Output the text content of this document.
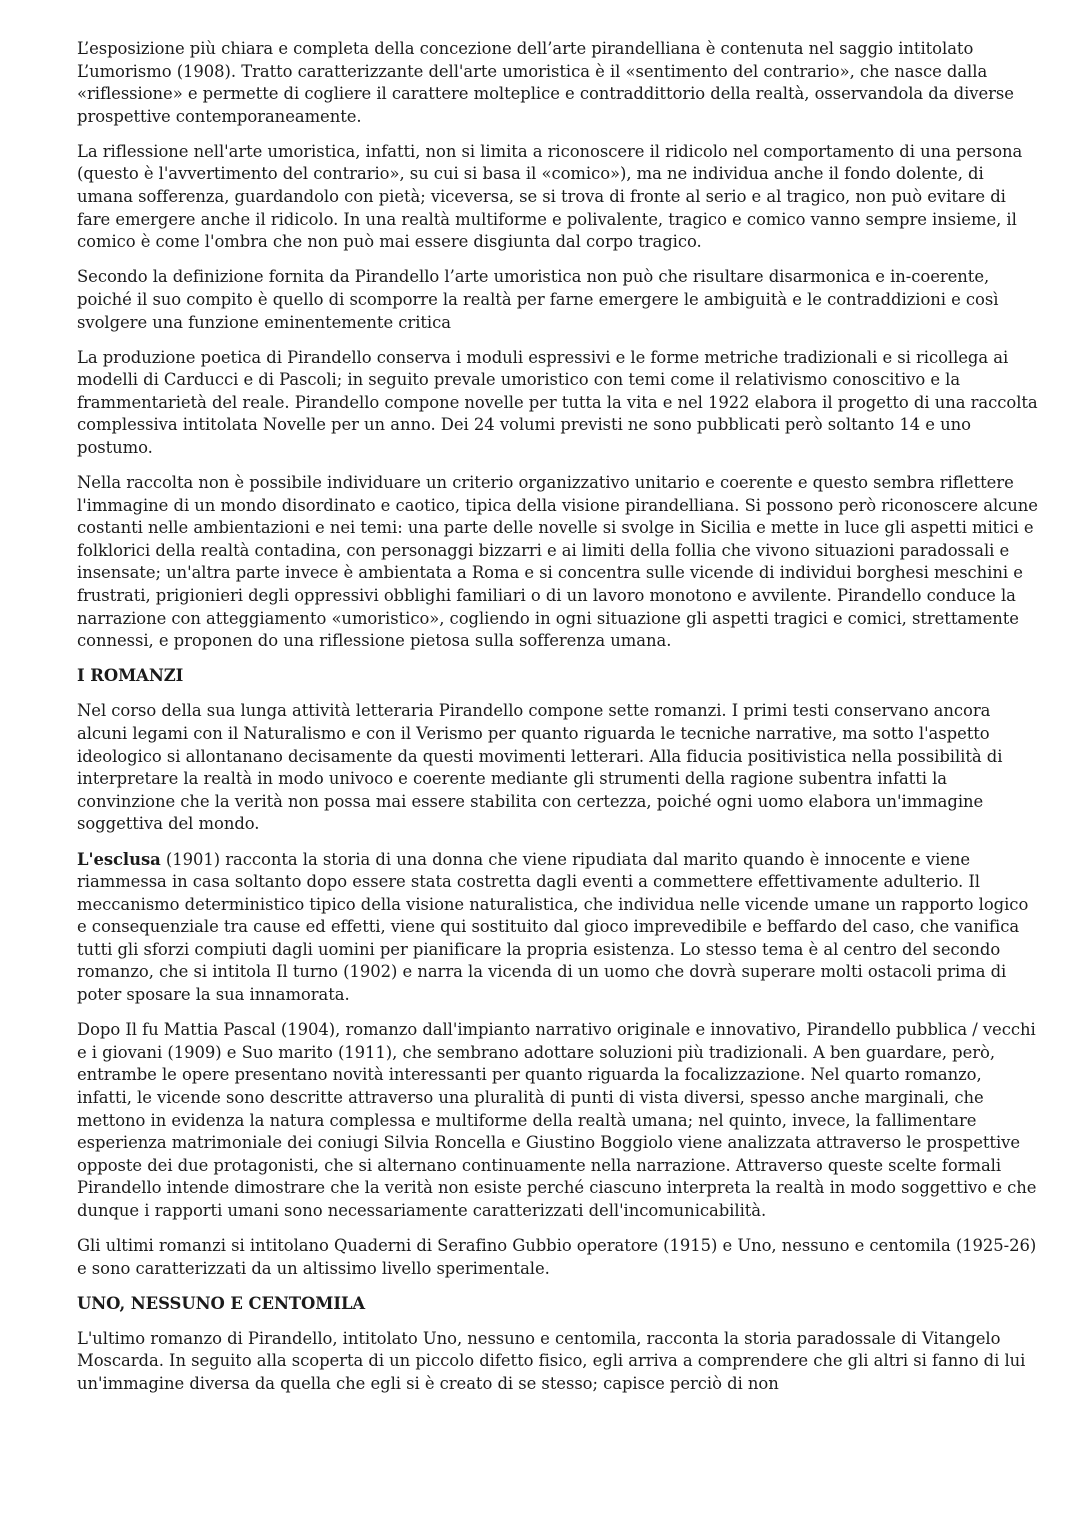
L’esposizione più chiara e completa della concezione dell’arte pirandelliana è contenuta nel saggio intitolato L’umorismo (1908). Tratto caratterizzante dell'arte umoristica è il «sentimento del contrario», che nasce dalla «riflessione» e permette di cogliere il carattere molteplice e contraddittorio della realtà, osservandola da diverse prospettive contemporaneamente.

La riflessione nell'arte umoristica, infatti, non si limita a riconoscere il ridicolo nel comportamento di una persona (questo è l'avvertimento del contrario», su cui si basa il «comico»), ma ne individua anche il fondo dolente, di umana sofferenza, guardandolo con pietà; viceversa, se si trova di fronte al serio e al tragico, non può evitare di fare emergere anche il ridicolo. In una realtà multiforme e polivalente, tragico e comico vanno sempre insieme, il comico è come l'ombra che non può mai essere disgiunta dal corpo tragico.

Secondo la definizione fornita da Pirandello l’arte umoristica non può che risultare disarmonica e in-coerente, poiché il suo compito è quello di scomporre la realtà per farne emergere le ambiguità e le contraddizioni e così svolgere una funzione eminentemente critica

La produzione poetica di Pirandello conserva i moduli espressivi e le forme metriche tradizionali e si ricollega ai modelli di Carducci e di Pascoli; in seguito prevale umoristico con temi come il relativismo conoscitivo e la frammentarietà del reale. Pirandello compone novelle per tutta la vita e nel 1922 elabora il progetto di una raccolta complessiva intitolata Novelle per un anno. Dei 24 volumi previsti ne sono pubblicati però soltanto 14 e uno postumo.

Nella raccolta non è possibile individuare un criterio organizzativo unitario e coerente e questo sembra riflettere l'immagine di un mondo disordinato e caotico, tipica della visione pirandelliana. Si possono però riconoscere alcune costanti nelle ambientazioni e nei temi: una parte delle novelle si svolge in Sicilia e mette in luce gli aspetti mitici e folklorici della realtà contadina, con personaggi bizzarri e ai limiti della follia che vivono situazioni paradossali e insensate; un'altra parte invece è ambientata a Roma e si concentra sulle vicende di individui borghesi meschini e frustrati, prigionieri degli oppressivi obblighi familiari o di un lavoro monotono e avvilente. Pirandello conduce la narrazione con atteggiamento «umoristico», cogliendo in ogni situazione gli aspetti tragici e comici, strettamente connessi, e proponen do una riflessione pietosa sulla sofferenza umana.

I ROMANZI

Nel corso della sua lunga attività letteraria Pirandello compone sette romanzi. I primi testi conservano ancora alcuni legami con il Naturalismo e con il Verismo per quanto riguarda le tecniche narrative, ma sotto l'aspetto ideologico si allontanano decisamente da questi movimenti letterari. Alla fiducia positivistica nella possibilità di interpretare la realtà in modo univoco e coerente mediante gli strumenti della ragione subentra infatti la convinzione che la verità non possa mai essere stabilita con certezza, poiché ogni uomo elabora un'immagine soggettiva del mondo.

L'esclusa (1901) racconta la storia di una donna che viene ripudiata dal marito quando è innocente e viene riammessa in casa soltanto dopo essere stata costretta dagli eventi a commettere effettivamente adulterio. Il meccanismo deterministico tipico della visione naturalistica, che individua nelle vicende umane un rapporto logico e consequenziale tra cause ed effetti, viene qui sostituito dal gioco imprevedibile e beffardo del caso, che vanifica tutti gli sforzi compiuti dagli uomini per pianificare la propria esistenza. Lo stesso tema è al centro del secondo romanzo, che si intitola Il turno (1902) e narra la vicenda di un uomo che dovrà superare molti ostacoli prima di poter sposare la sua innamorata.

Dopo Il fu Mattia Pascal (1904), romanzo dall'impianto narrativo originale e innovativo, Pirandello pubblica / vecchi e i giovani (1909) e Suo marito (1911), che sembrano adottare soluzioni più tradizionali. A ben guardare, però, entrambe le opere presentano novità interessanti per quanto riguarda la focalizzazione. Nel quarto romanzo, infatti, le vicende sono descritte attraverso una pluralità di punti di vista diversi, spesso anche marginali, che mettono in evidenza la natura complessa e multiforme della realtà umana; nel quinto, invece, la fallimentare esperienza matrimoniale dei coniugi Silvia Roncella e Giustino Boggiolo viene analizzata attraverso le prospettive opposte dei due protagonisti, che si alternano continuamente nella narrazione. Attraverso queste scelte formali Pirandello intende dimostrare che la verità non esiste perché ciascuno interpreta la realtà in modo soggettivo e che dunque i rapporti umani sono necessariamente caratterizzati dell'incomunicabilità.

Gli ultimi romanzi si intitolano Quaderni di Serafino Gubbio operatore (1915) e Uno, nessuno e centomila (1925-26) e sono caratterizzati da un altissimo livello sperimentale.

UNO, NESSUNO E CENTOMILA

L'ultimo romanzo di Pirandello, intitolato Uno, nessuno e centomila, racconta la storia paradossale di Vitangelo Moscarda. In seguito alla scoperta di un piccolo difetto fisico, egli arriva a comprendere che gli altri si fanno di lui un'immagine diversa da quella che egli si è creato di se stesso; capisce perciò di non
